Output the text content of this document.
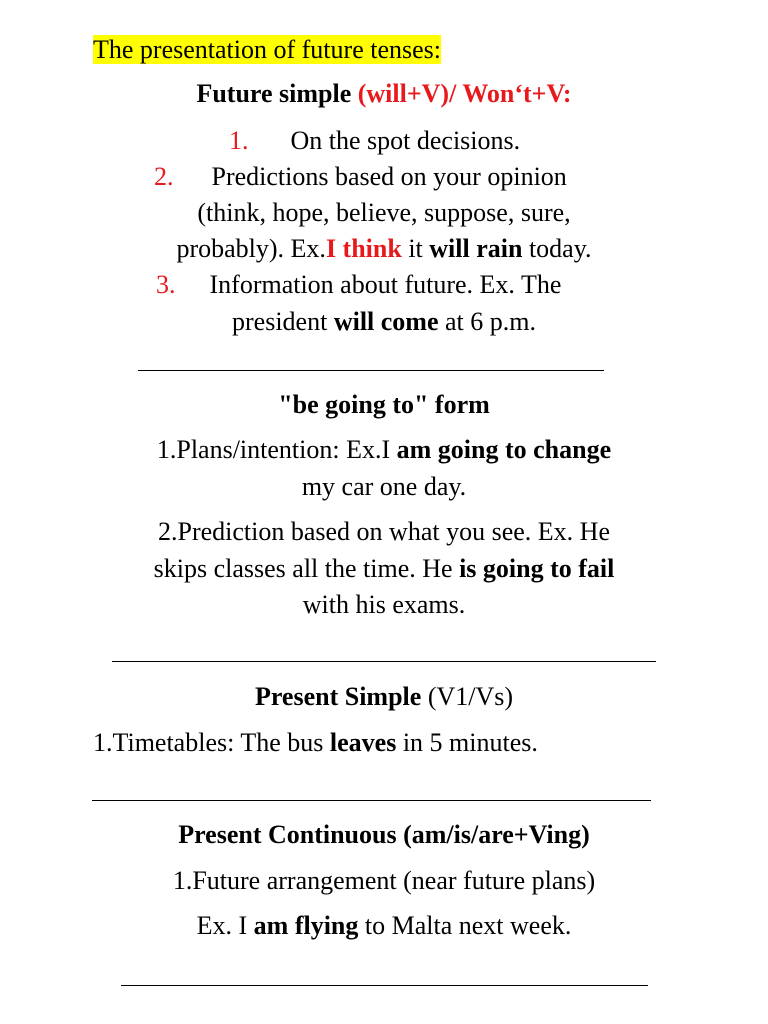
The presentation of future tenses:
Future simple (will+V)/ Won‘t+V:
1. On the spot decisions.
2. Predictions based on your opinion
(think, hope, believe, suppose, sure,
probably). Ex.I think it will rain today.
3. Information about future. Ex. The
president will come at 6 p.m.
"be going to" form
1.Plans/intention: Ex.I am going to change
my car one day.
2.Prediction based on what you see. Ex. He
skips classes all the time. He is going to fail
with his exams.
Present Simple (V1/Vs)
1.Timetables: The bus leaves in 5 minutes.
Present Continuous (am/is/are+Ving)
1.Future arrangement (near future plans)
Ex. I am flying to Malta next week.
